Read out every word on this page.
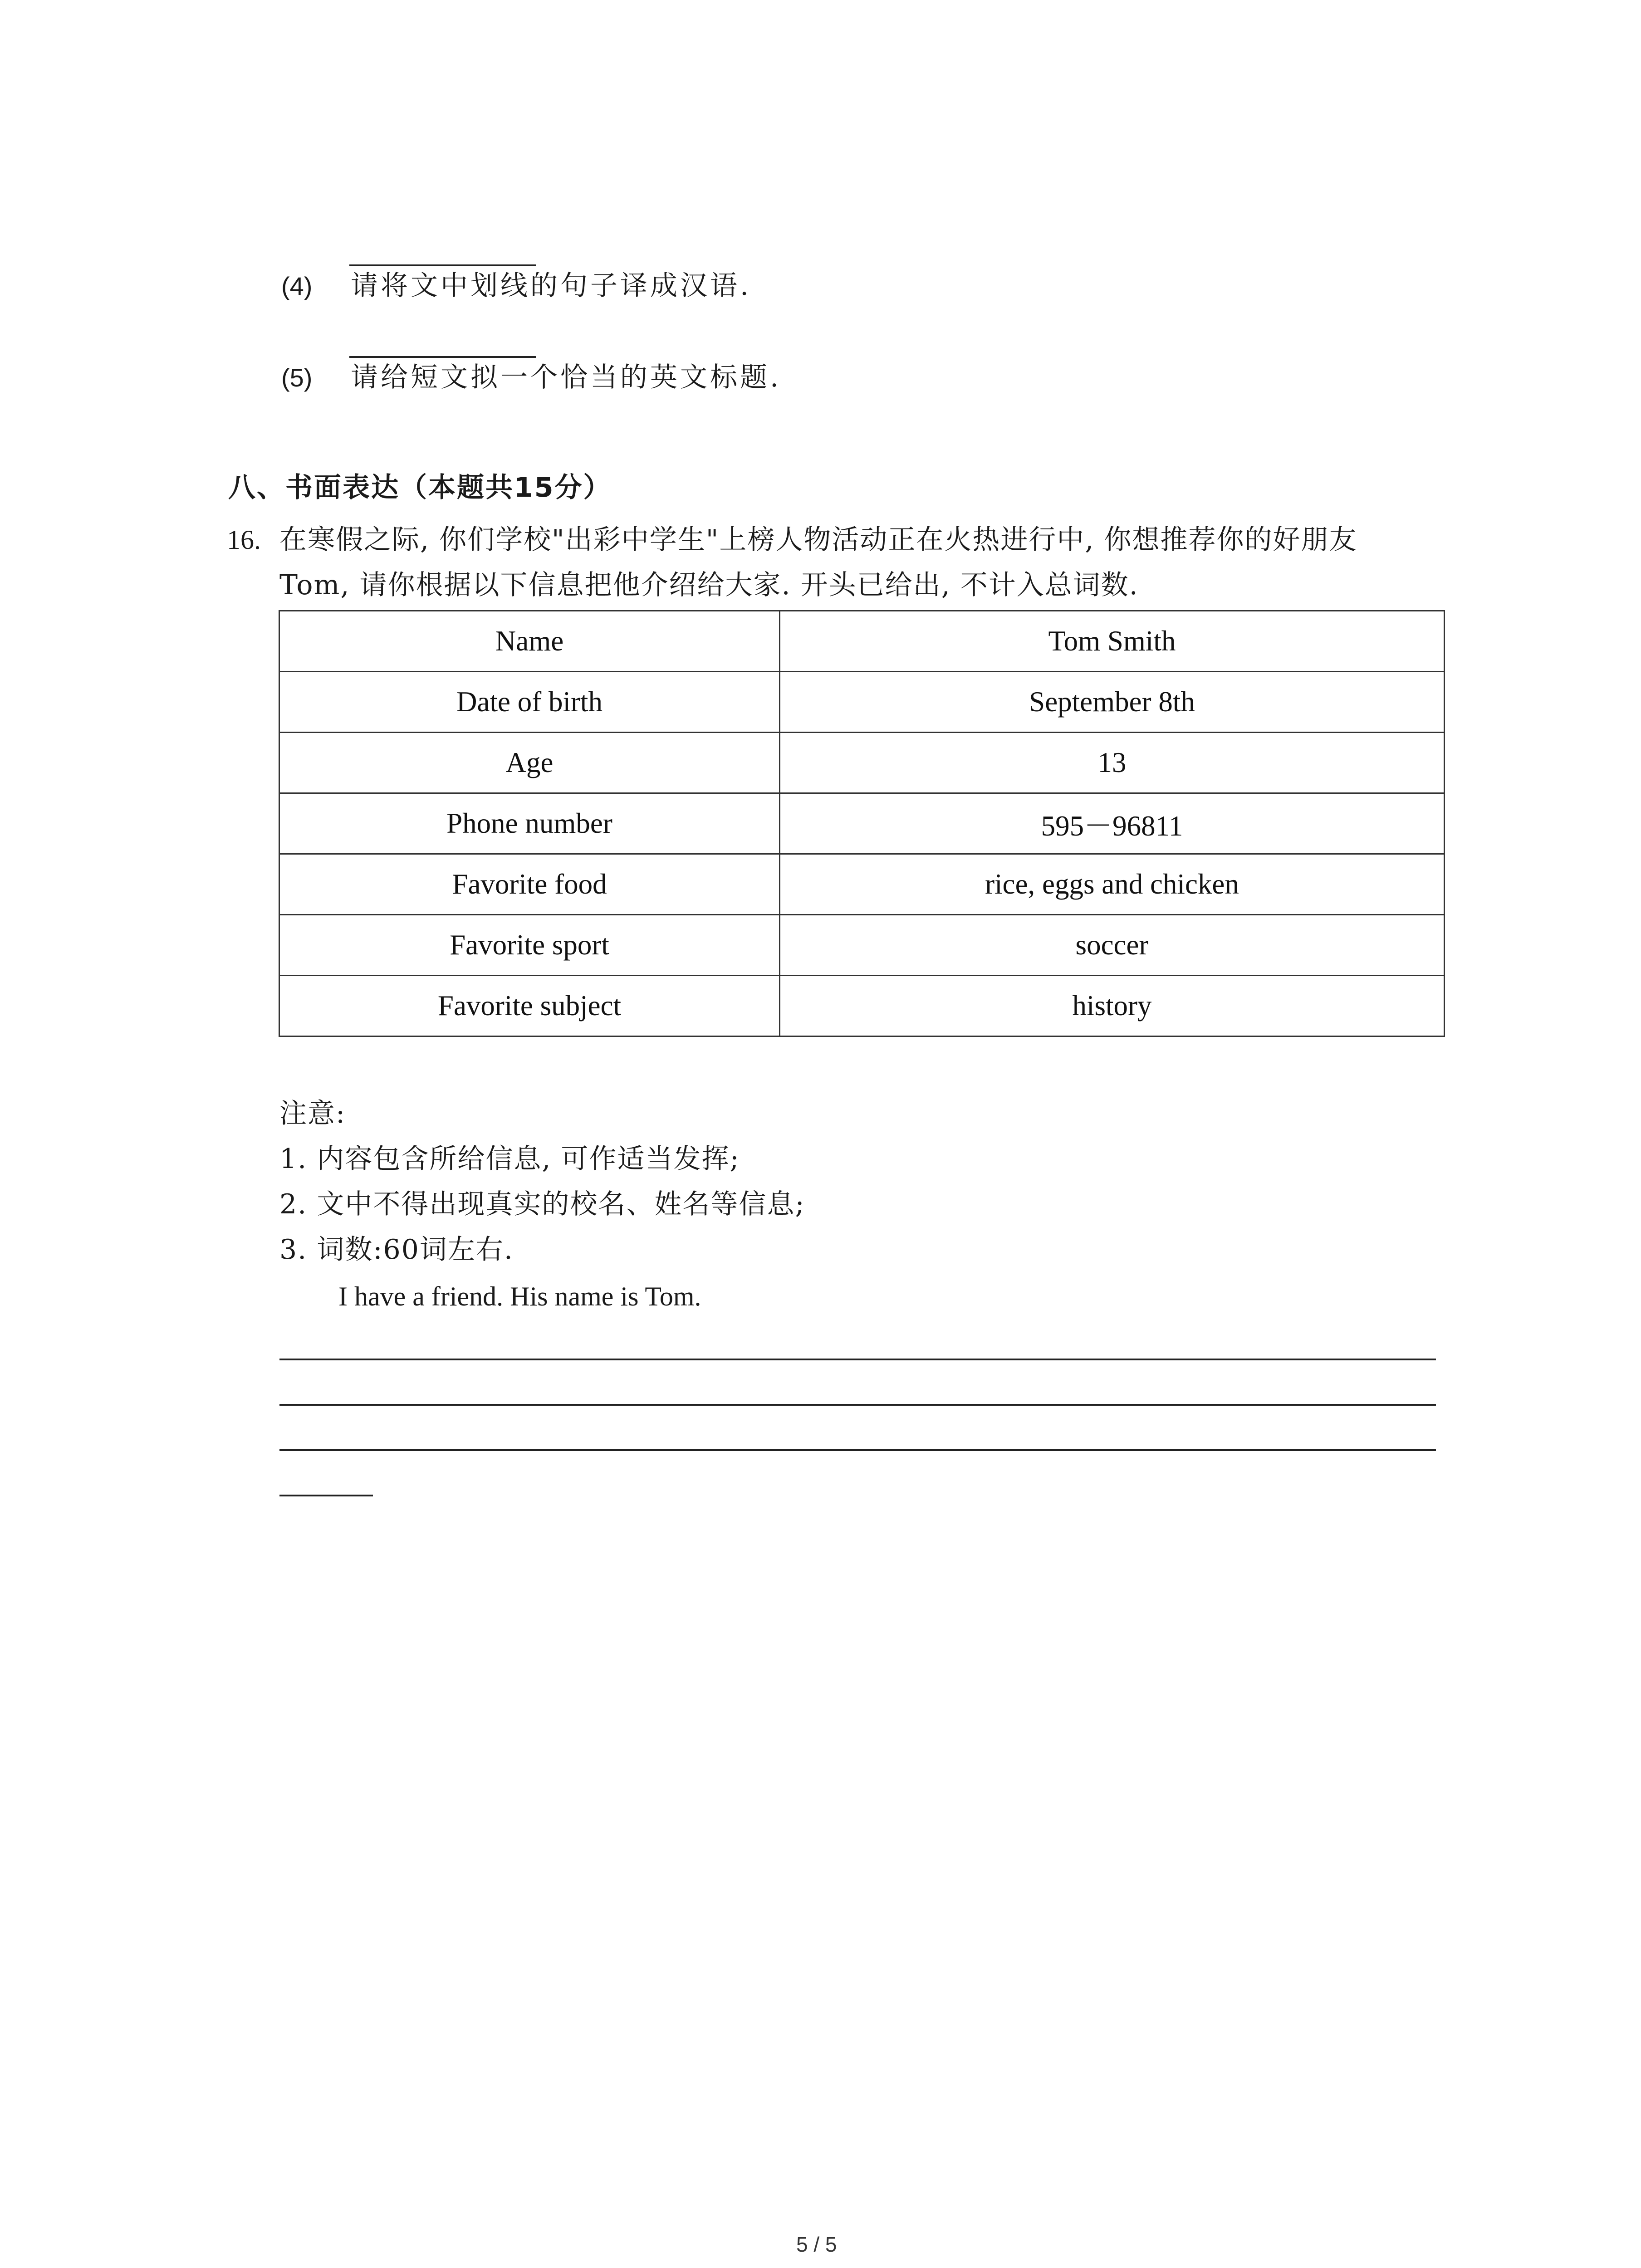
(4) 请将文中划线的句子译成汉语.
(5) 请给短文拟一个恰当的英文标题.
八、书面表达（本题共15分）
16. 在寒假之际, 你们学校"出彩中学生"上榜人物活动正在火热进行中, 你想推荐你的好朋友
Tom, 请你根据以下信息把他介绍给大家. 开头已给出, 不计入总词数.
Name	Tom Smith
Date of birth	September 8th
Age	13
Phone number	595－96811
Favorite food	rice, eggs and chicken
Favorite sport	soccer
Favorite subject	history
注意:
1. 内容包含所给信息, 可作适当发挥;
2. 文中不得出现真实的校名、姓名等信息;
3. 词数:60词左右.
I have a friend. His name is Tom.
5 / 5
